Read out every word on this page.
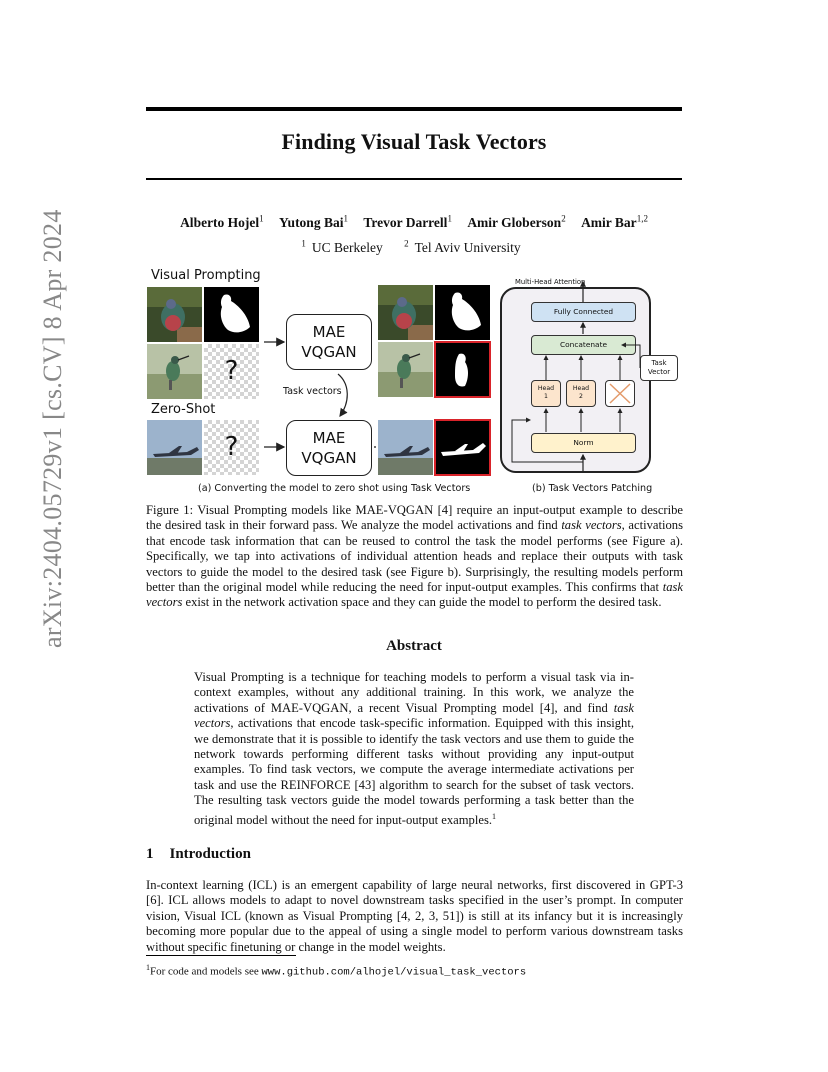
arXiv:2404.05729v1 [cs.CV] 8 Apr 2024
Finding Visual Task Vectors
Alberto Hojel$^1$ Yutong Bai$^1$ Trevor Darrell$^1$ Amir Globerson$^2$ Amir Bar$^{1,2}$
$^1$ UC Berkeley $^2$ Tel Aviv University
Visual Prompting
Zero-Shot
?
?
MAE
VQGAN
MAE
VQGAN
Task vectors
Multi-Head Attention
Fully Connected
Concatenate
Head
1
Head
2
Norm
Task
Vector
(a) Converting the model to zero shot using Task Vectors	(b) Task Vectors Patching
Figure 1: Visual Prompting models like MAE-VQGAN [4] require an input-output example to describe the desired task in their forward pass. We analyze the model activations and find task vectors, activations that encode task information that can be reused to control the task the model performs (see Figure a). Specifically, we tap into activations of individual attention heads and replace their outputs with task vectors to guide the model to the desired task (see Figure b). Surprisingly, the resulting models perform better than the original model while reducing the need for input-output examples. This confirms that task vectors exist in the network activation space and they can guide the model to perform the desired task.
Abstract
Visual Prompting is a technique for teaching models to perform a visual task via in-context examples, without any additional training. In this work, we analyze the activations of MAE-VQGAN, a recent Visual Prompting model [4], and find task vectors, activations that encode task-specific information. Equipped with this insight, we demonstrate that it is possible to identify the task vectors and use them to guide the network towards performing different tasks without providing any input-output examples. To find task vectors, we compute the average intermediate activations per task and use the REINFORCE [43] algorithm to search for the subset of task vectors. The resulting task vectors guide the model towards performing a task better than the original model without the need for input-output examples.$^1$
1 Introduction
In-context learning (ICL) is an emergent capability of large neural networks, first discovered in GPT-3 [6]. ICL allows models to adapt to novel downstream tasks specified in the user’s prompt. In computer vision, Visual ICL (known as Visual Prompting [4, 2, 3, 51]) is still at its infancy but it is increasingly becoming more popular due to the appeal of using a single model to perform various downstream tasks without specific finetuning or change in the model weights.
$^1$For code and models see www.github.com/alhojel/visual_task_vectors
